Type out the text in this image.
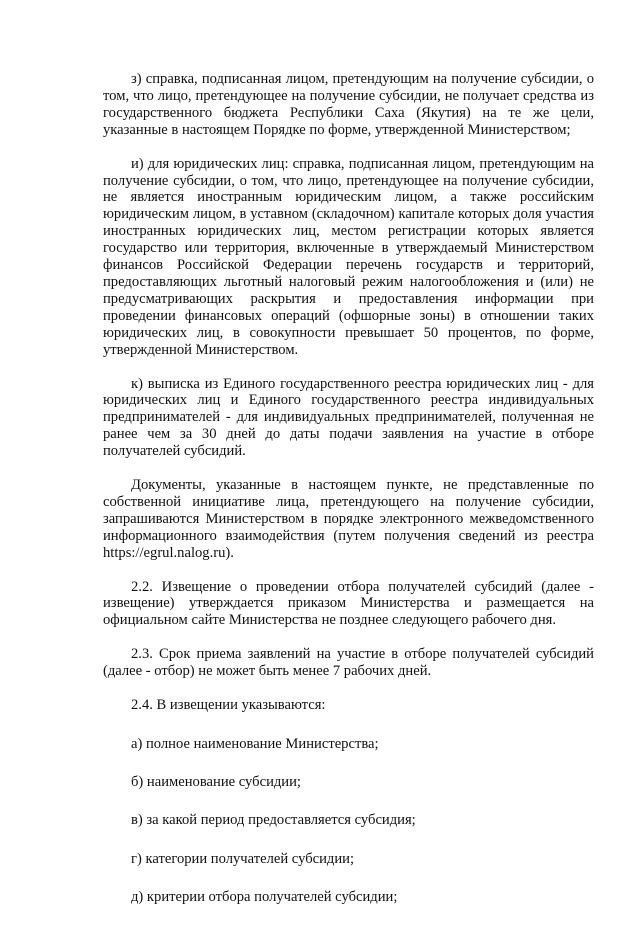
з) справка, подписанная лицом, претендующим на получение субсидии, о том, что лицо, претендующее на получение субсидии, не получает средства из государственного бюджета Республики Саха (Якутия) на те же цели, указанные в настоящем Порядке по форме, утвержденной Министерством;

и) для юридических лиц: справка, подписанная лицом, претендующим на получение субсидии, о том, что лицо, претендующее на получение субсидии, не является иностранным юридическим лицом, а также российским юридическим лицом, в уставном (складочном) капитале которых доля участия иностранных юридических лиц, местом регистрации которых является государство или территория, включенные в утверждаемый Министерством финансов Российской Федерации перечень государств и территорий, предоставляющих льготный налоговый режим налогообложения и (или) не предусматривающих раскрытия и предоставления информации при проведении финансовых операций (офшорные зоны) в отношении таких юридических лиц, в совокупности превышает 50 процентов, по форме, утвержденной Министерством.

к) выписка из Единого государственного реестра юридических лиц - для юридических лиц и Единого государственного реестра индивидуальных предпринимателей - для индивидуальных предпринимателей, полученная не ранее чем за 30 дней до даты подачи заявления на участие в отборе получателей субсидий.

Документы, указанные в настоящем пункте, не представленные по собственной инициативе лица, претендующего на получение субсидии, запрашиваются Министерством в порядке электронного межведомственного информационного взаимодействия (путем получения сведений из реестра https://egrul.nalog.ru).

2.2. Извещение о проведении отбора получателей субсидий (далее - извещение) утверждается приказом Министерства и размещается на официальном сайте Министерства не позднее следующего рабочего дня.

2.3. Срок приема заявлений на участие в отборе получателей субсидий (далее - отбор) не может быть менее 7 рабочих дней.

2.4. В извещении указываются:

а) полное наименование Министерства;

б) наименование субсидии;

в) за какой период предоставляется субсидия;

г) категории получателей субсидии;

д) критерии отбора получателей субсидии;
